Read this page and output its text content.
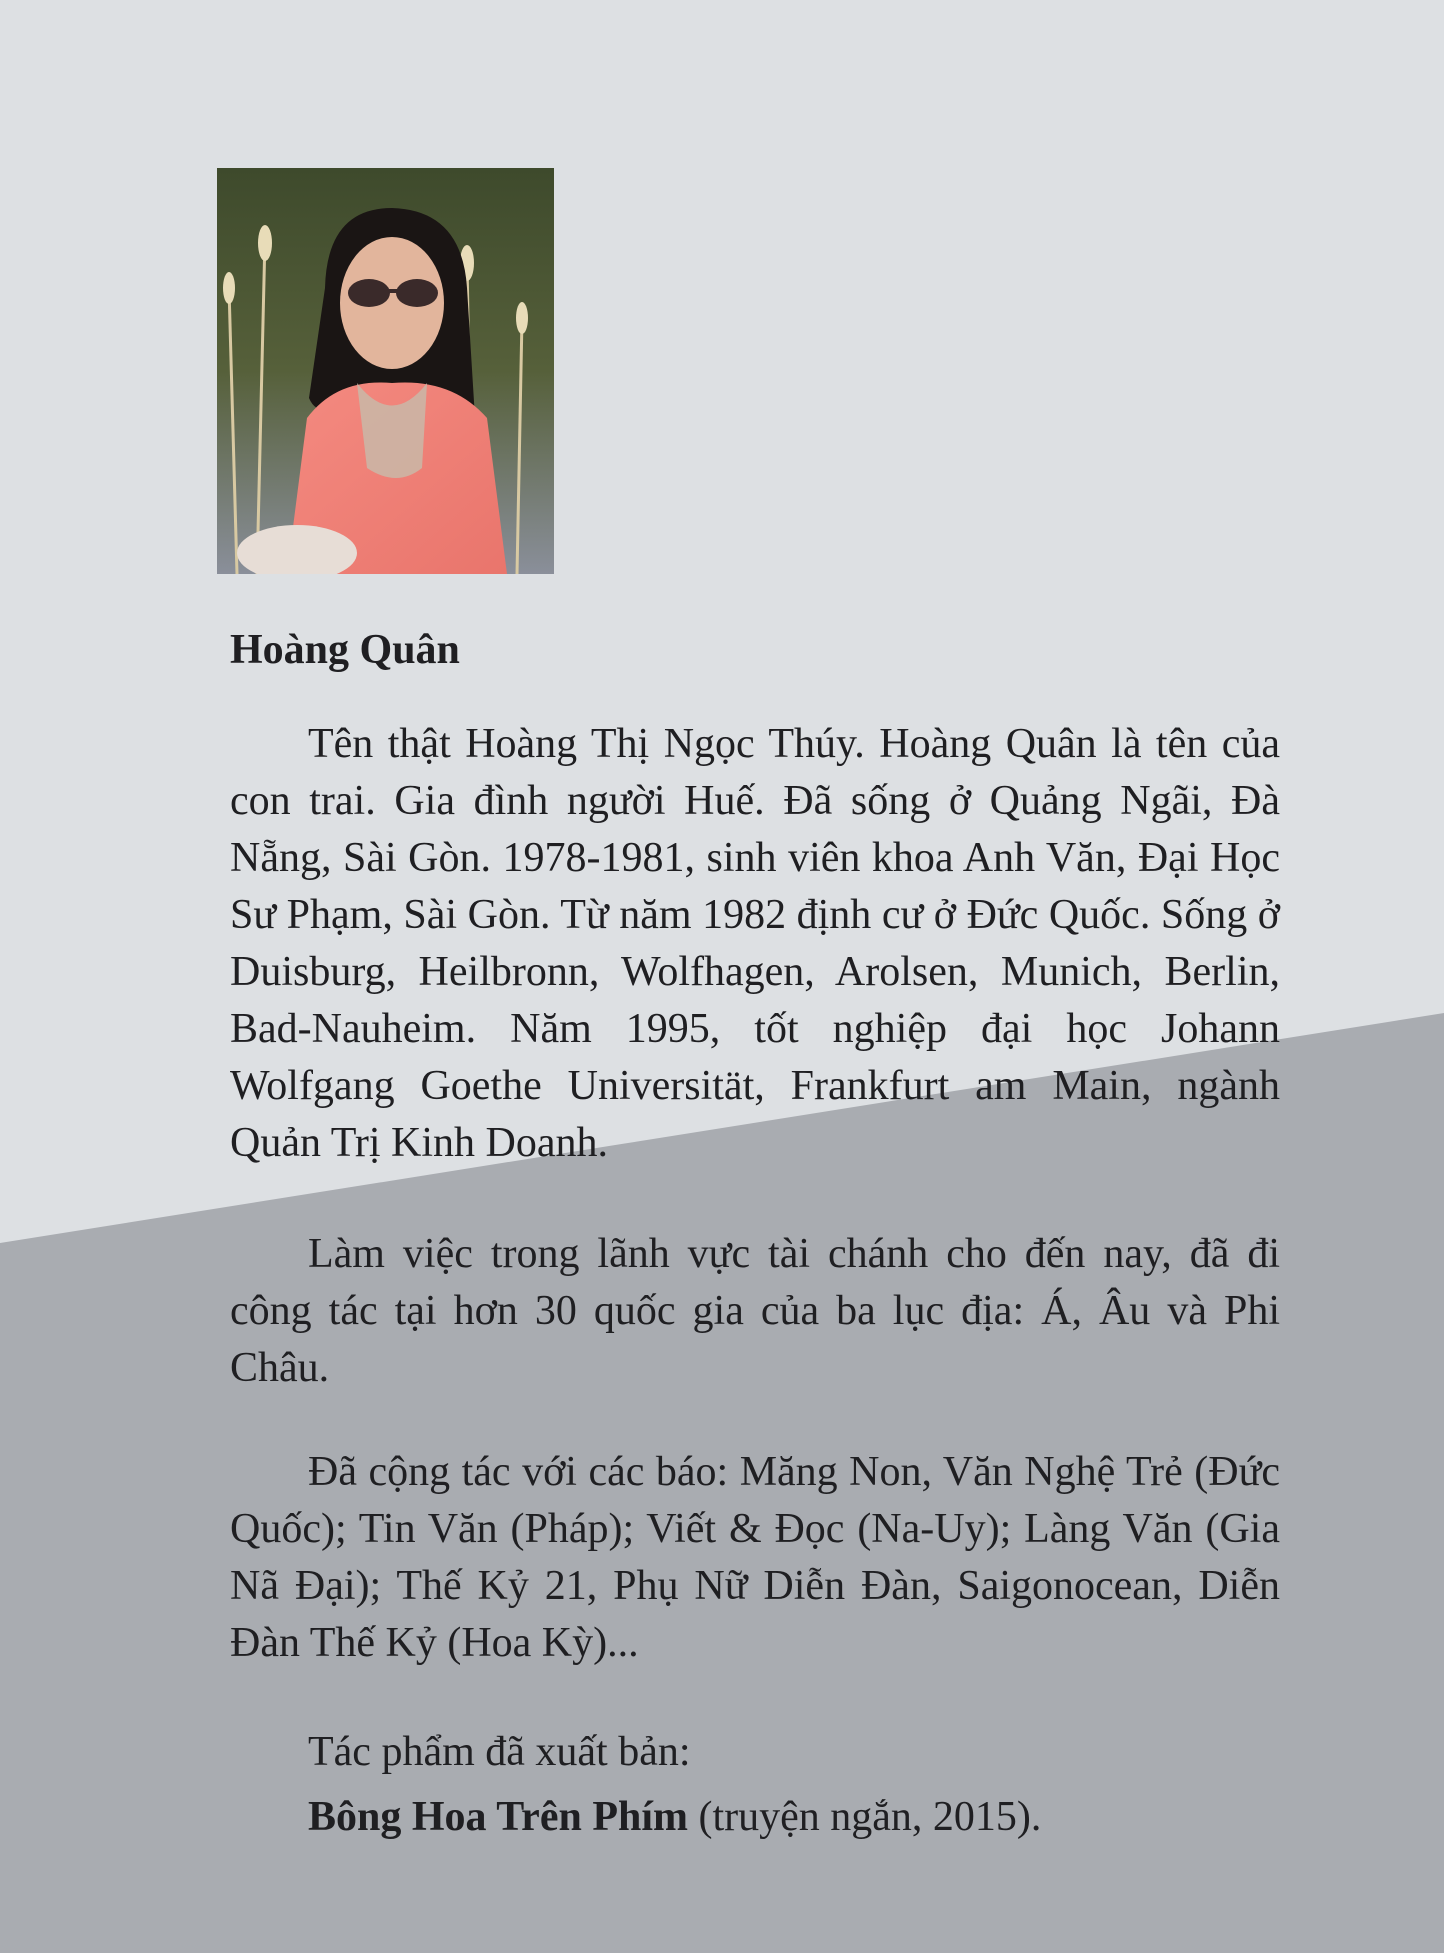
Hoàng Quân

Tên thật Hoàng Thị Ngọc Thúy. Hoàng Quân là tên của con trai. Gia đình người Huế. Đã sống ở Quảng Ngãi, Đà Nẵng, Sài Gòn. 1978-1981, sinh viên khoa Anh Văn, Đại Học Sư Phạm, Sài Gòn. Từ năm 1982 định cư ở Đức Quốc. Sống ở Duisburg, Heilbronn, Wolfhagen, Arolsen, Munich, Berlin, Bad-Nauheim. Năm 1995, tốt nghiệp đại học Johann Wolfgang Goethe Universität, Frankfurt am Main, ngành Quản Trị Kinh Doanh.

Làm việc trong lãnh vực tài chánh cho đến nay, đã đi công tác tại hơn 30 quốc gia của ba lục địa: Á, Âu và Phi Châu.

Đã cộng tác với các báo: Măng Non, Văn Nghệ Trẻ (Đức Quốc); Tin Văn (Pháp); Viết & Đọc (Na-Uy); Làng Văn (Gia Nã Đại); Thế Kỷ 21, Phụ Nữ Diễn Đàn, Saigonocean, Diễn Đàn Thế Kỷ (Hoa Kỳ)...

Tác phẩm đã xuất bản:

Bông Hoa Trên Phím (truyện ngắn, 2015).
